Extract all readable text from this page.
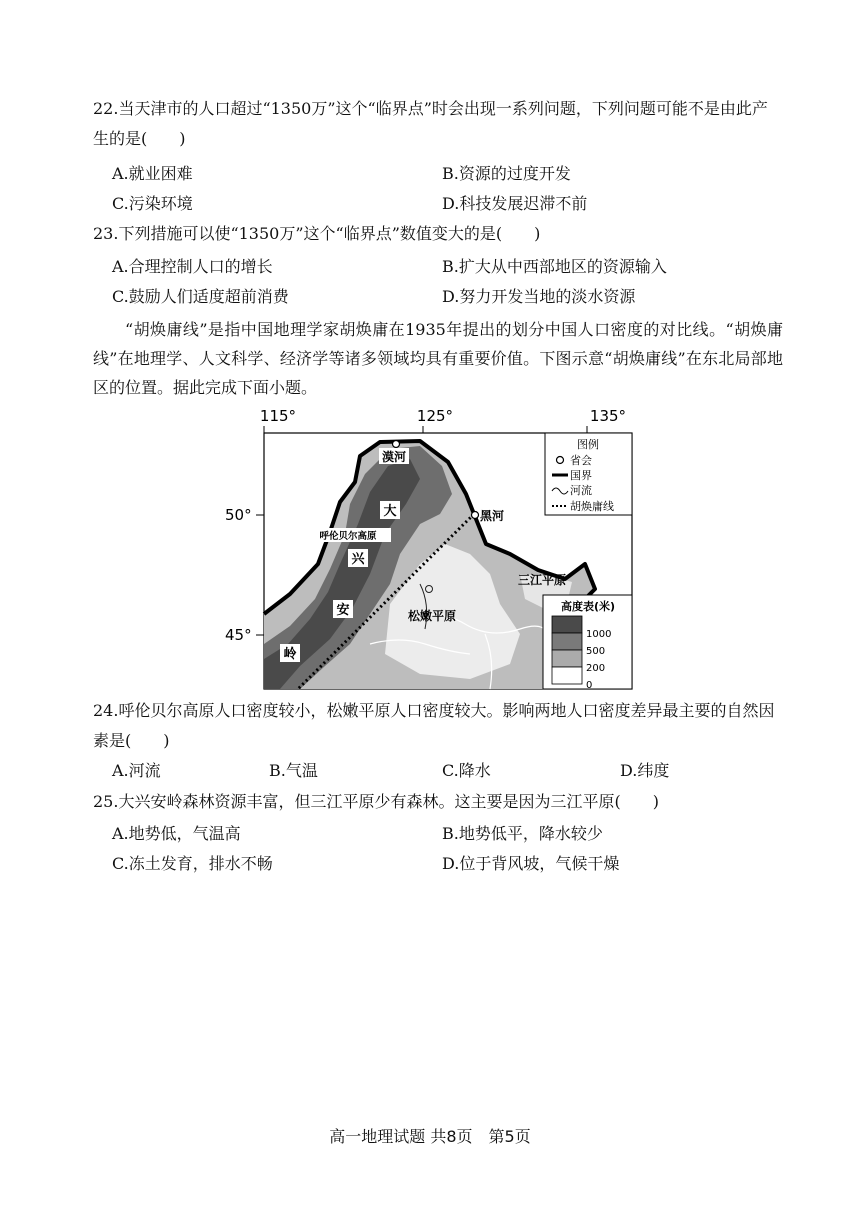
22.当天津市的人口超过“1350万”这个“临界点”时会出现一系列问题，下列问题可能不是由此产生的是(　　)
A.就业困难	B.资源的过度开发
C.污染环境	D.科技发展迟滞不前
23.下列措施可以使“1350万”这个“临界点”数值变大的是(　　)
A.合理控制人口的增长	B.扩大从中西部地区的资源输入
C.鼓励人们适度超前消费	D.努力开发当地的淡水资源
“胡焕庸线”是指中国地理学家胡焕庸在1935年提出的划分中国人口密度的对比线。“胡焕庸线”在地理学、人文科学、经济学等诸多领域均具有重要价值。下图示意“胡焕庸线”在东北局部地区的位置。据此完成下面小题。
115°	125°	135°
50°
45°
漠河
黑河
呼伦贝尔高原
大
兴
安
岭
三江平原
松嫩平原
图例
省会
国界
河流
胡焕庸线
高度表(米)
1000
500
200
0
24.呼伦贝尔高原人口密度较小，松嫩平原人口密度较大。影响两地人口密度差异最主要的自然因素是(　　)
A.河流	B.气温	C.降水	D.纬度
25.大兴安岭森林资源丰富，但三江平原少有森林。这主要是因为三江平原(　　)
A.地势低，气温高	B.地势低平，降水较少
C.冻土发育，排水不畅	D.位于背风坡，气候干燥
高一地理试题 共8页　第5页
